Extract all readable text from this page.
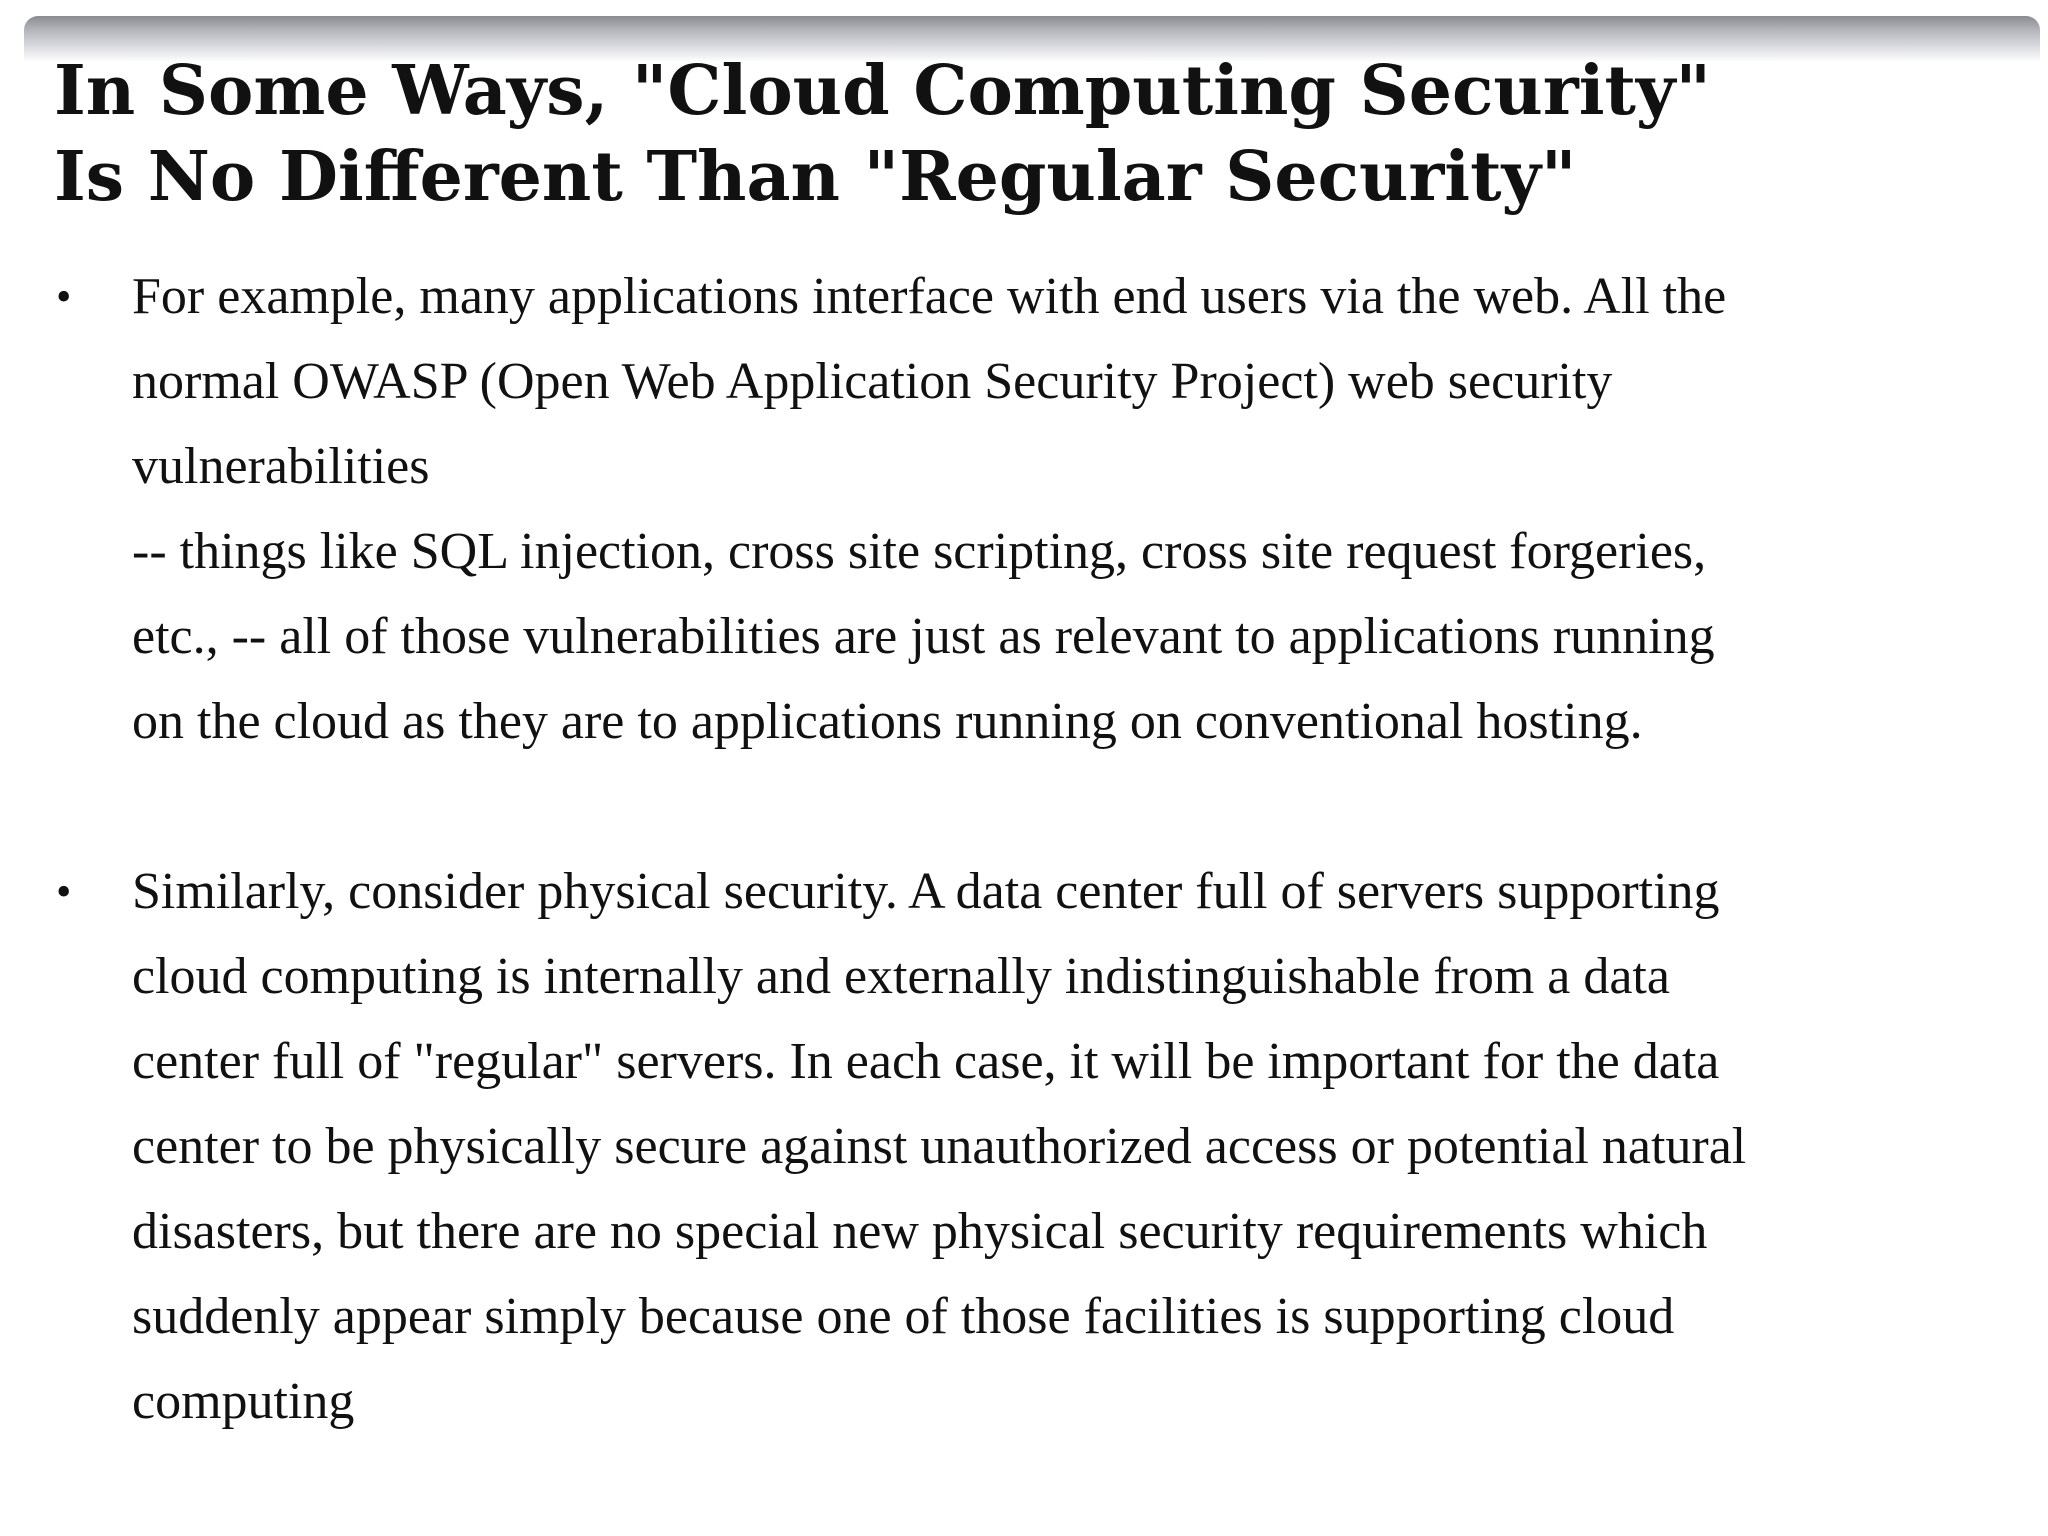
In Some Ways, "Cloud Computing Security"
Is No Different Than "Regular Security"
• For example, many applications interface with end users via the web. All the
normal OWASP (Open Web Application Security Project) web security
vulnerabilities
-- things like SQL injection, cross site scripting, cross site request forgeries,
etc., -- all of those vulnerabilities are just as relevant to applications running
on the cloud as they are to applications running on conventional hosting.
• Similarly, consider physical security. A data center full of servers supporting
cloud computing is internally and externally indistinguishable from a data
center full of "regular" servers. In each case, it will be important for the data
center to be physically secure against unauthorized access or potential natural
disasters, but there are no special new physical security requirements which
suddenly appear simply because one of those facilities is supporting cloud
computing
